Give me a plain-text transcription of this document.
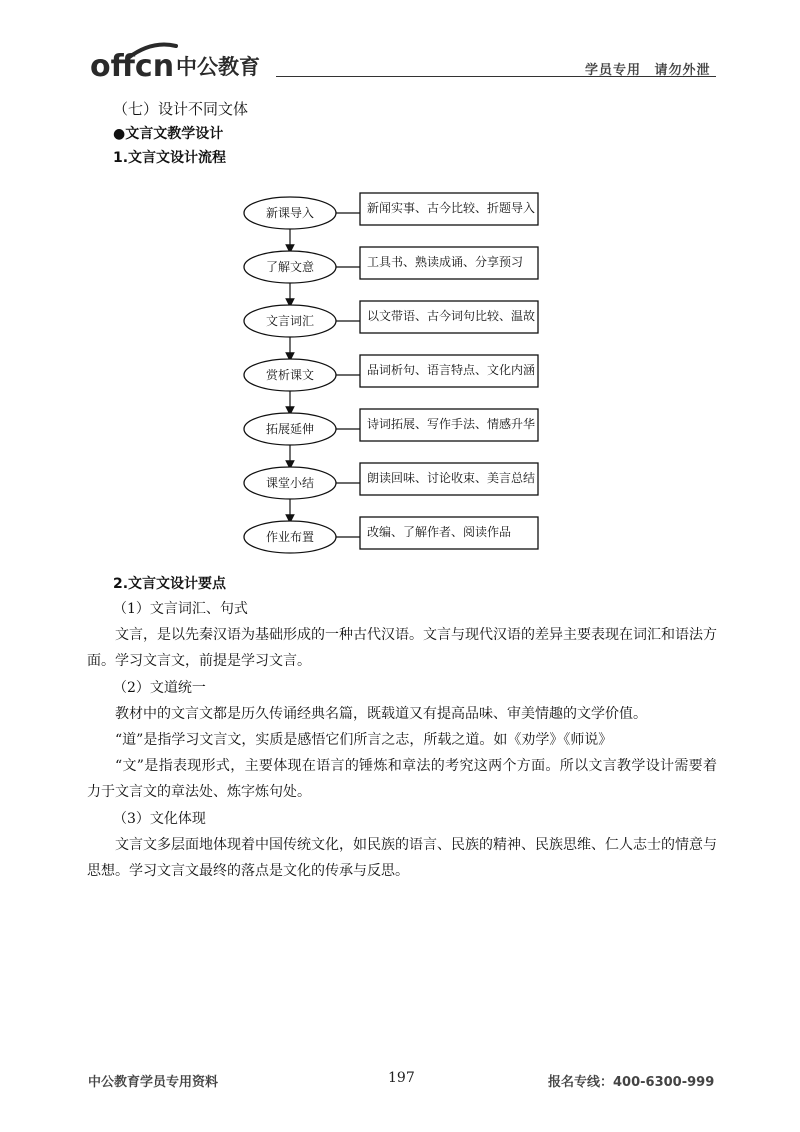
offcn 中公教育	学员专用 请勿外泄
（七）设计不同文体
●文言文教学设计
1.文言文设计流程
新课导入	新闻实事、古今比较、折题导入
了解文意	工具书、熟读成诵、分享预习
文言词汇	以文带语、古今词句比较、温故
赏析课文	品词析句、语言特点、文化内涵
拓展延伸	诗词拓展、写作手法、情感升华
课堂小结	朗读回味、讨论收束、美言总结
作业布置	改编、了解作者、阅读作品
2.文言文设计要点
（1）文言词汇、句式
文言，是以先秦汉语为基础形成的一种古代汉语。文言与现代汉语的差异主要表现在词汇和语法方面。学习文言文，前提是学习文言。
（2）文道统一
教材中的文言文都是历久传诵经典名篇，既载道又有提高品味、审美情趣的文学价值。
“道”是指学习文言文，实质是感悟它们所言之志，所载之道。如《劝学》《师说》
“文”是指表现形式，主要体现在语言的锤炼和章法的考究这两个方面。所以文言教学设计需要着力于文言文的章法处、炼字炼句处。
（3）文化体现
文言文多层面地体现着中国传统文化，如民族的语言、民族的精神、民族思维、仁人志士的情意与思想。学习文言文最终的落点是文化的传承与反思。
中公教育学员专用资料	197	报名专线：400-6300-999
